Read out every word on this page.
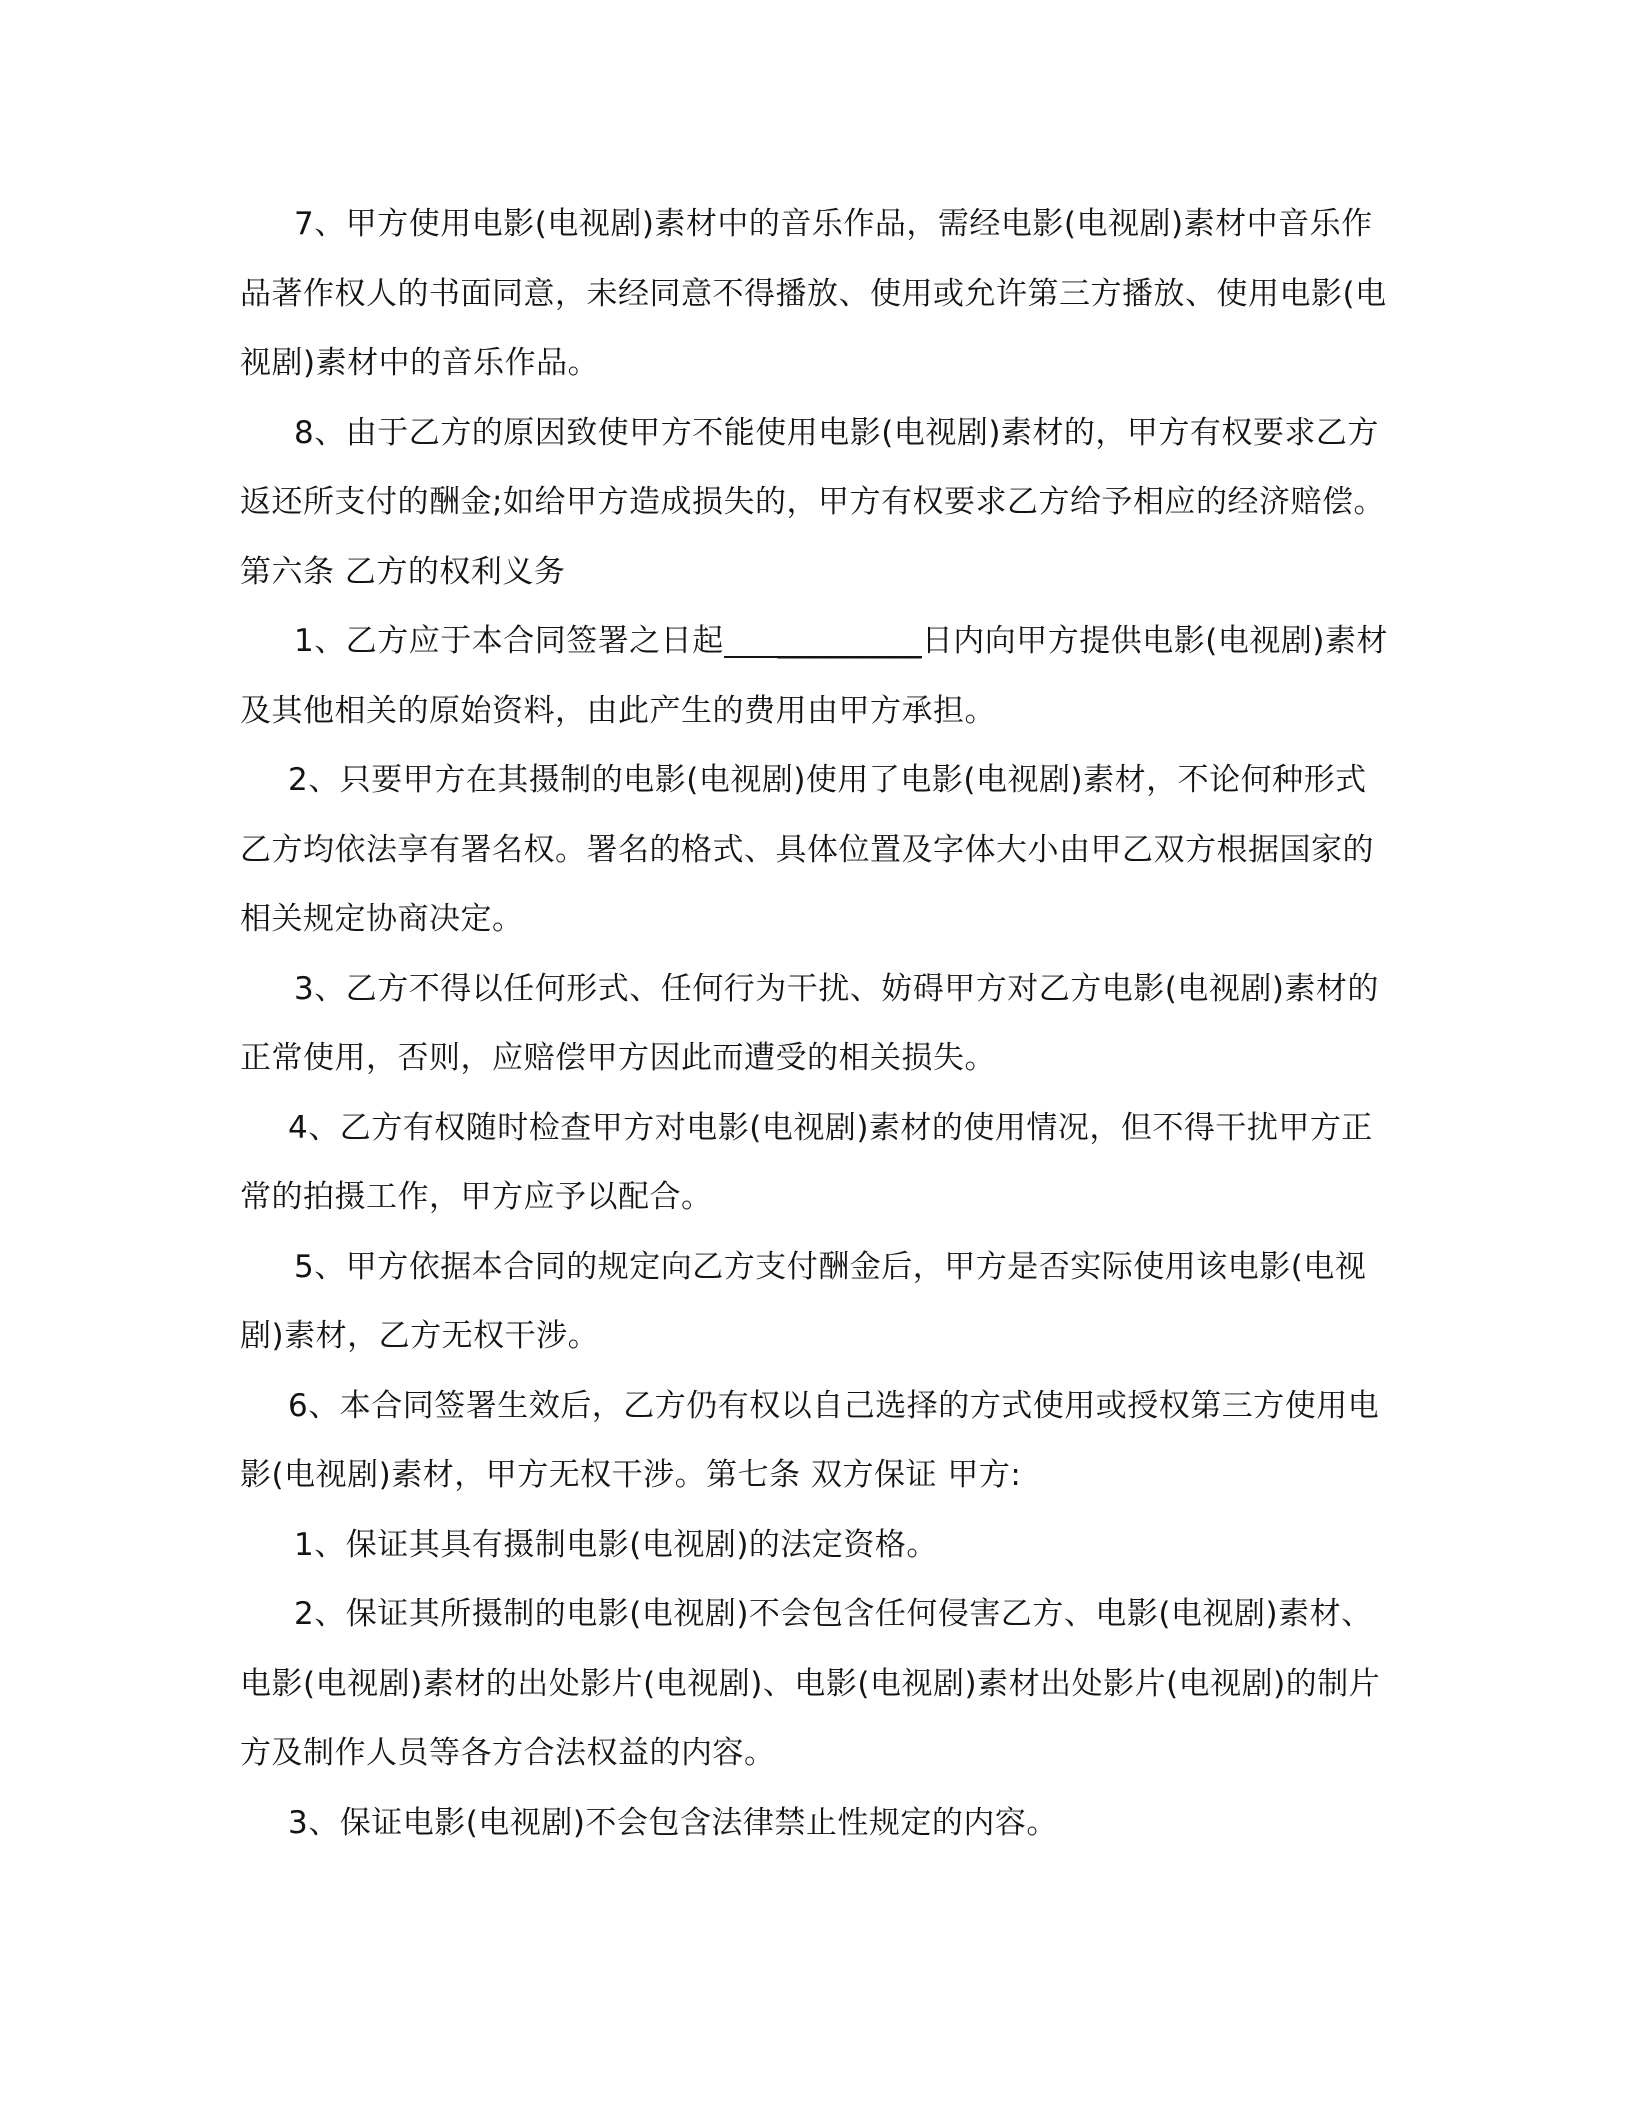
7、甲方使用电影(电视剧)素材中的音乐作品，需经电影(电视剧)素材中音乐作品著作权人的书面同意，未经同意不得播放、使用或允许第三方播放、使用电影(电视剧)素材中的音乐作品。

8、由于乙方的原因致使甲方不能使用电影(电视剧)素材的，甲方有权要求乙方返还所支付的酬金;如给甲方造成损失的，甲方有权要求乙方给予相应的经济赔偿。第六条 乙方的权利义务

1、乙方应于本合同签署之日起 _________日内向甲方提供电影(电视剧)素材及其他相关的原始资料，由此产生的费用由甲方承担。

2、只要甲方在其摄制的电影(电视剧)使用了电影(电视剧)素材，不论何种形式乙方均依法享有署名权。署名的格式、具体位置及字体大小由甲乙双方根据国家的相关规定协商决定。

3、乙方不得以任何形式、任何行为干扰、妨碍甲方对乙方电影(电视剧)素材的正常使用，否则，应赔偿甲方因此而遭受的相关损失。

4、乙方有权随时检查甲方对电影(电视剧)素材的使用情况，但不得干扰甲方正常的拍摄工作，甲方应予以配合。

5、甲方依据本合同的规定向乙方支付酬金后，甲方是否实际使用该电影(电视剧)素材，乙方无权干涉。

6、本合同签署生效后，乙方仍有权以自己选择的方式使用或授权第三方使用电影(电视剧)素材，甲方无权干涉。第七条 双方保证 甲方:

1、保证其具有摄制电影(电视剧)的法定资格。

2、保证其所摄制的电影(电视剧)不会包含任何侵害乙方、电影(电视剧)素材、电影(电视剧)素材的出处影片(电视剧)、电影(电视剧)素材出处影片(电视剧)的制片方及制作人员等各方合法权益的内容。

3、保证电影(电视剧)不会包含法律禁止性规定的内容。
